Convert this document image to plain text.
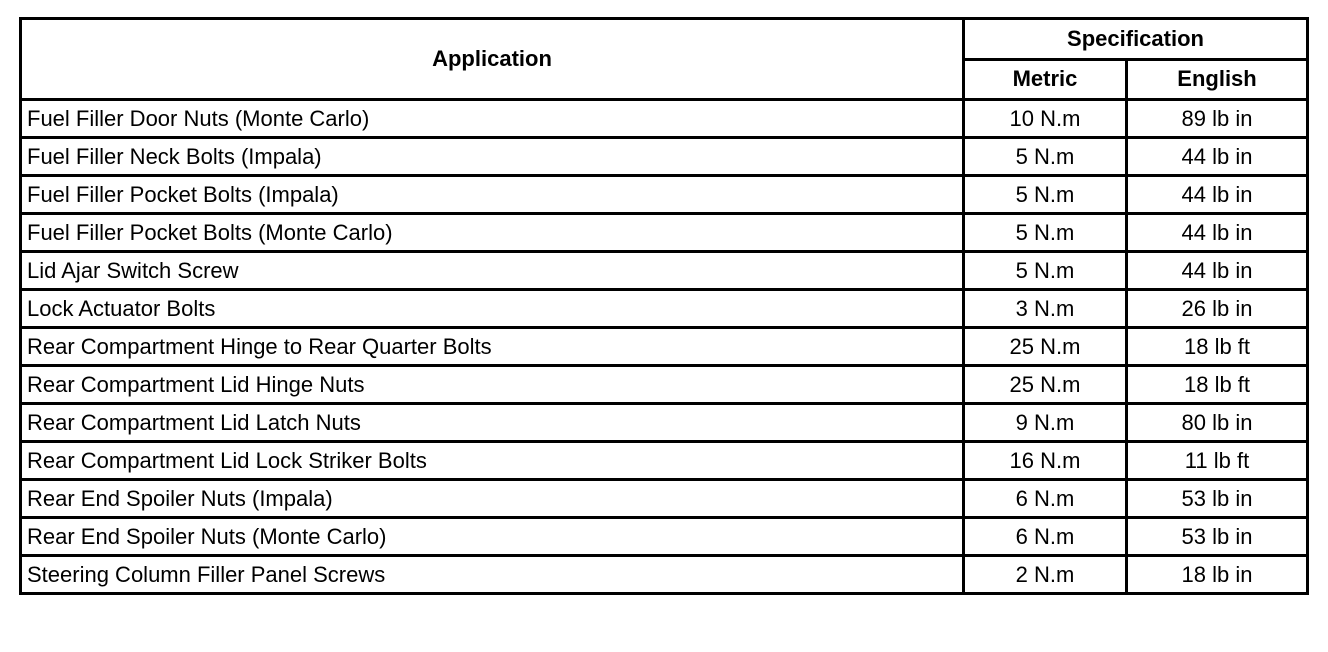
Application	Specification	
	Metric	English
Fuel Filler Door Nuts (Monte Carlo)	10 N.m	89 lb in
Fuel Filler Neck Bolts (Impala)	5 N.m	44 lb in
Fuel Filler Pocket Bolts (Impala)	5 N.m	44 lb in
Fuel Filler Pocket Bolts (Monte Carlo)	5 N.m	44 lb in
Lid Ajar Switch Screw	5 N.m	44 lb in
Lock Actuator Bolts	3 N.m	26 lb in
Rear Compartment Hinge to Rear Quarter Bolts	25 N.m	18 lb ft
Rear Compartment Lid Hinge Nuts	25 N.m	18 lb ft
Rear Compartment Lid Latch Nuts	9 N.m	80 lb in
Rear Compartment Lid Lock Striker Bolts	16 N.m	11 lb ft
Rear End Spoiler Nuts (Impala)	6 N.m	53 lb in
Rear End Spoiler Nuts (Monte Carlo)	6 N.m	53 lb in
Steering Column Filler Panel Screws	2 N.m	18 lb in
